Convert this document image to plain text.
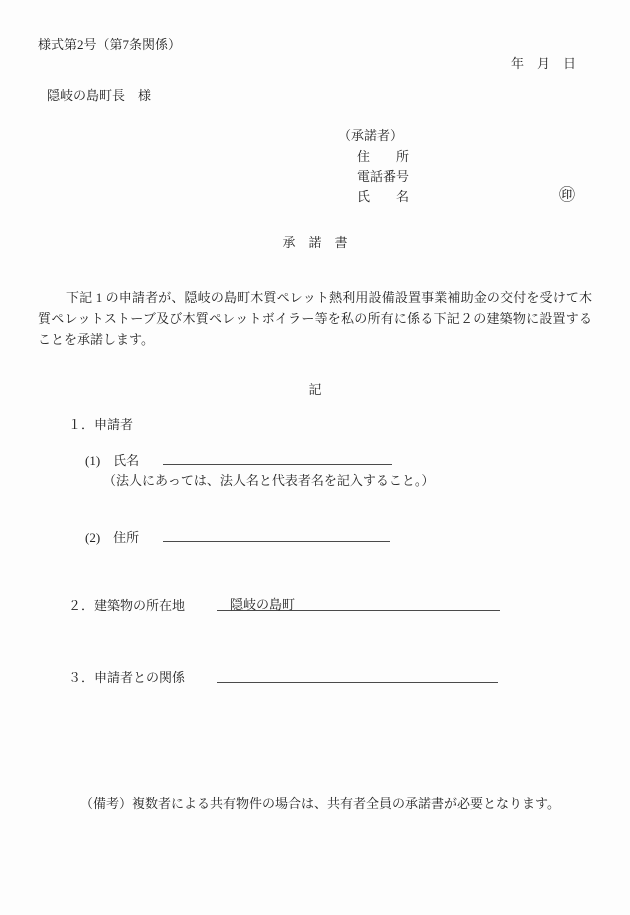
様式第2号（第7条関係）
年　月　日
隠岐の島町長　様
（承諾者）
住　　所
電話番号
氏　　名	㊞
承　諾　書
下記 1 の申請者が、隠岐の島町木質ペレット熱利用設備設置事業補助金の交付を受けて木質ペレットストーブ及び木質ペレットボイラー等を私の所有に係る下記２の建築物に設置することを承諾します。
記
１．申請者
(1)　氏名
（法人にあっては、法人名と代表者名を記入すること。）
(2)　住所
２．建築物の所在地	隠岐の島町
３．申請者との関係
（備考）複数者による共有物件の場合は、共有者全員の承諾書が必要となります。
